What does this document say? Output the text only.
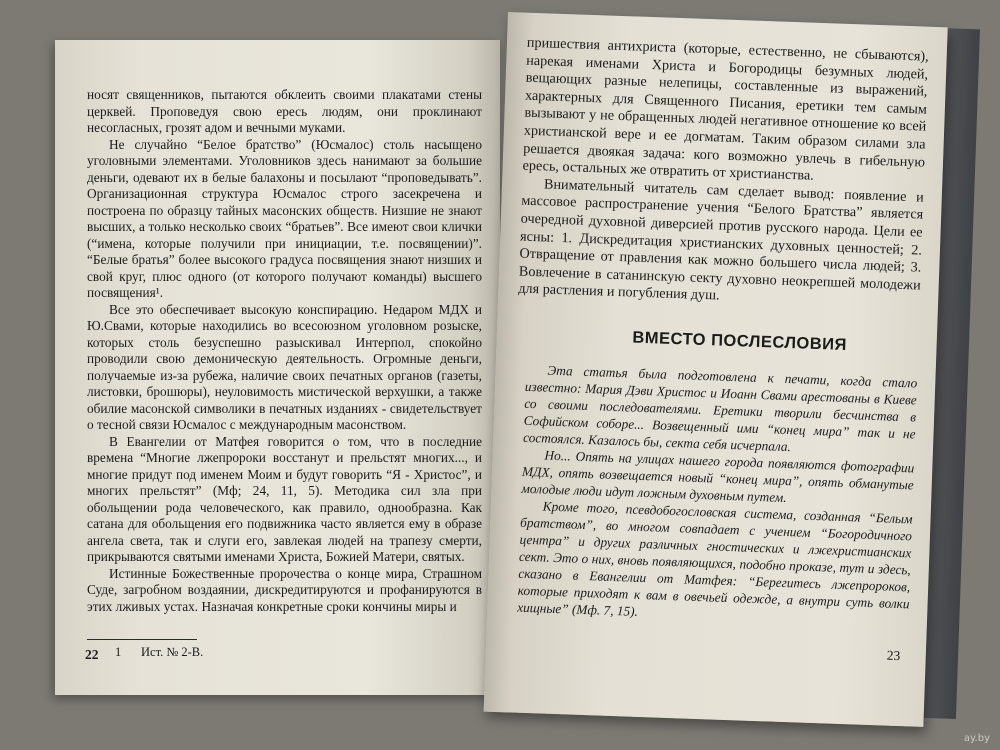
носят священников, пытаются обклеить своими плакатами стены церквей. Проповедуя свою ересь людям, они проклинают несогласных, грозят адом и вечными муками.

Не случайно “Белое братство” (Юсмалос) столь насыщено уголовными элементами. Уголовников здесь нанимают за большие деньги, одевают их в белые балахоны и посылают “проповедывать”. Организационная структура Юсмалос строго засекречена и построена по образцу тайных масонских обществ. Низшие не знают высших, а только несколько своих “братьев”. Все имеют свои клички (“имена, которые получили при инициации, т.е. посвящении)”. “Белые братья” более высокого градуса посвящения знают низших и свой круг, плюс одного (от которого получают команды) высшего посвящения¹.

Все это обеспечивает высокую конспирацию. Недаром МДХ и Ю.Свами, которые находились во всесоюзном уголовном розыске, которых столь безуспешно разыскивал Интерпол, спокойно проводили свою демоническую деятельность. Огромные деньги, получаемые из-за рубежа, наличие своих печатных органов (газеты, листовки, брошюры), неуловимость мистической верхушки, а также обилие масонской символики в печатных изданиях - свидетельствует о тесной связи Юсмалос с международным масонством.

В Евангелии от Матфея говорится о том, что в последние времена “Многие лжепророки восстанут и прельстят многих..., и многие придут под именем Моим и будут говорить “Я - Христос”, и многих прельстят” (Мф; 24, 11, 5). Методика сил зла при обольщении рода человеческого, как правило, однообразна. Как сатана для обольщения его подвижника часто является ему в образе ангела света, так и слуги его, завлекая людей на трапезу смерти, прикрываются святыми именами Христа, Божией Матери, святых.

Истинные Божественные пророчества о конце мира, Страшном Суде, загробном воздаянии, дискредитируются и профанируются в этих лживых устах. Назначая конкретные сроки кончины миры и

1 Ист. № 2-В.
22

пришествия антихриста (которые, естественно, не сбываются), нарекая именами Христа и Богородицы безумных людей, вещающих разные нелепицы, составленные из выражений, характерных для Священного Писания, еретики тем самым вызывают у не обращенных людей негативное отношение ко всей христианской вере и ее догматам. Таким образом силами зла решается двоякая задача: кого возможно увлечь в гибельную ересь, остальных же отвратить от христианства.

Внимательный читатель сам сделает вывод: появление и массовое распространение учения “Белого Братства” является очередной духовной диверсией против русского народа. Цели ее ясны: 1. Дискредитация христианских духовных ценностей; 2. Отвращение от правления как можно большего числа людей; 3. Вовлечение в сатанинскую секту духовно неокрепшей молодежи для растления и погубления душ.

ВМЕСТО ПОСЛЕСЛОВИЯ

Эта статья была подготовлена к печати, когда стало известно: Мария Дэви Христос и Иоанн Свами арестованы в Киеве со своими последователями. Еретики творили бесчинства в Софийском соборе... Возвещенный ими “конец мира” так и не состоялся. Казалось бы, секта себя исчерпала.

Но... Опять на улицах нашего города появляются фотографии МДХ, опять возвещается новый “конец мира”, опять обманутые молодые люди идут ложным духовным путем.

Кроме того, псевдобогословская система, созданная “Белым братством”, во многом совпадает с учением “Богородичного центра” и других различных гностических и лжехристианских сект. Это о них, вновь появляющихся, подобно проказе, тут и здесь, сказано в Евангелии от Матфея: “Берегитесь лжепророков, которые приходят к вам в овечьей одежде, а внутри суть волки хищные” (Мф. 7, 15).

23
ay.by
